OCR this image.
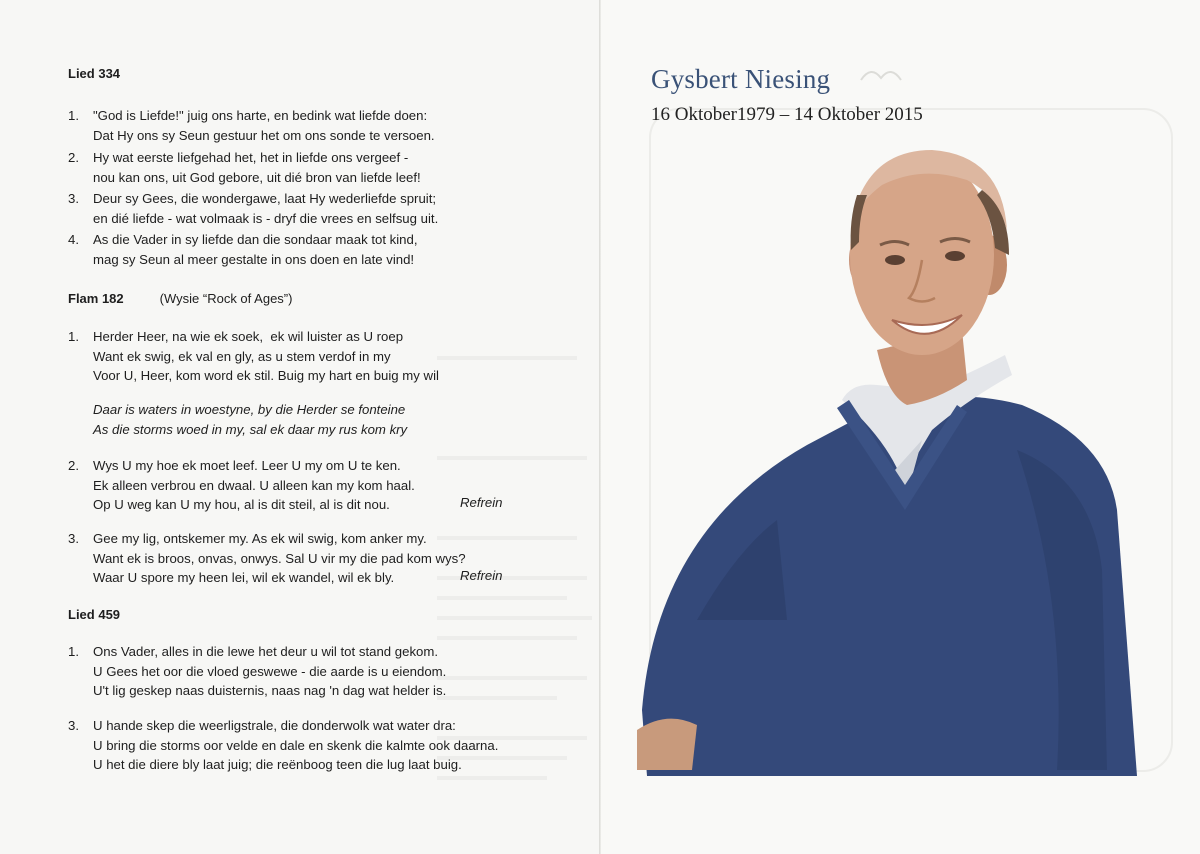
Lied 334
1. "God is Liefde!" juig ons harte, en bedink wat liefde doen:
Dat Hy ons sy Seun gestuur het om ons sonde te versoen.
2. Hy wat eerste liefgehad het, het in liefde ons vergeef -
nou kan ons, uit God gebore, uit dié bron van liefde leef!
3. Deur sy Gees, die wondergawe, laat Hy wederliefde spruit;
en dié liefde - wat volmaak is - dryf die vrees en selfsug uit.
4. As die Vader in sy liefde dan die sondaar maak tot kind,
mag sy Seun al meer gestalte in ons doen en late vind!
Flam 182	(Wysie “Rock of Ages”)
1. Herder Heer, na wie ek soek,  ek wil luister as U roep
Want ek swig, ek val en gly, as u stem verdof in my
Voor U, Heer, kom word ek stil. Buig my hart en buig my wil
Daar is waters in woestyne, by die Herder se fonteine
As die storms woed in my, sal ek daar my rus kom kry
2. Wys U my hoe ek moet leef. Leer U my om U te ken.
Ek alleen verbrou en dwaal. U alleen kan my kom haal.
Op U weg kan U my hou, al is dit steil, al is dit nou.	Refrein
3. Gee my lig, ontskemer my. As ek wil swig, kom anker my.
Want ek is broos, onvas, onwys. Sal U vir my die pad kom wys?
Waar U spore my heen lei, wil ek wandel, wil ek bly.	Refrein
Lied 459
1. Ons Vader, alles in die lewe het deur u wil tot stand gekom.
U Gees het oor die vloed geswewe - die aarde is u eiendom.
U't lig geskep naas duisternis, naas nag 'n dag wat helder is.
3. U hande skep die weerligstrale, die donderwolk wat water dra:
U bring die storms oor velde en dale en skenk die kalmte ook daarna.
U het die diere bly laat juig; die reënboog teen die lug laat buig.
Gysbert Niesing
16 Oktober1979 – 14 Oktober 2015
